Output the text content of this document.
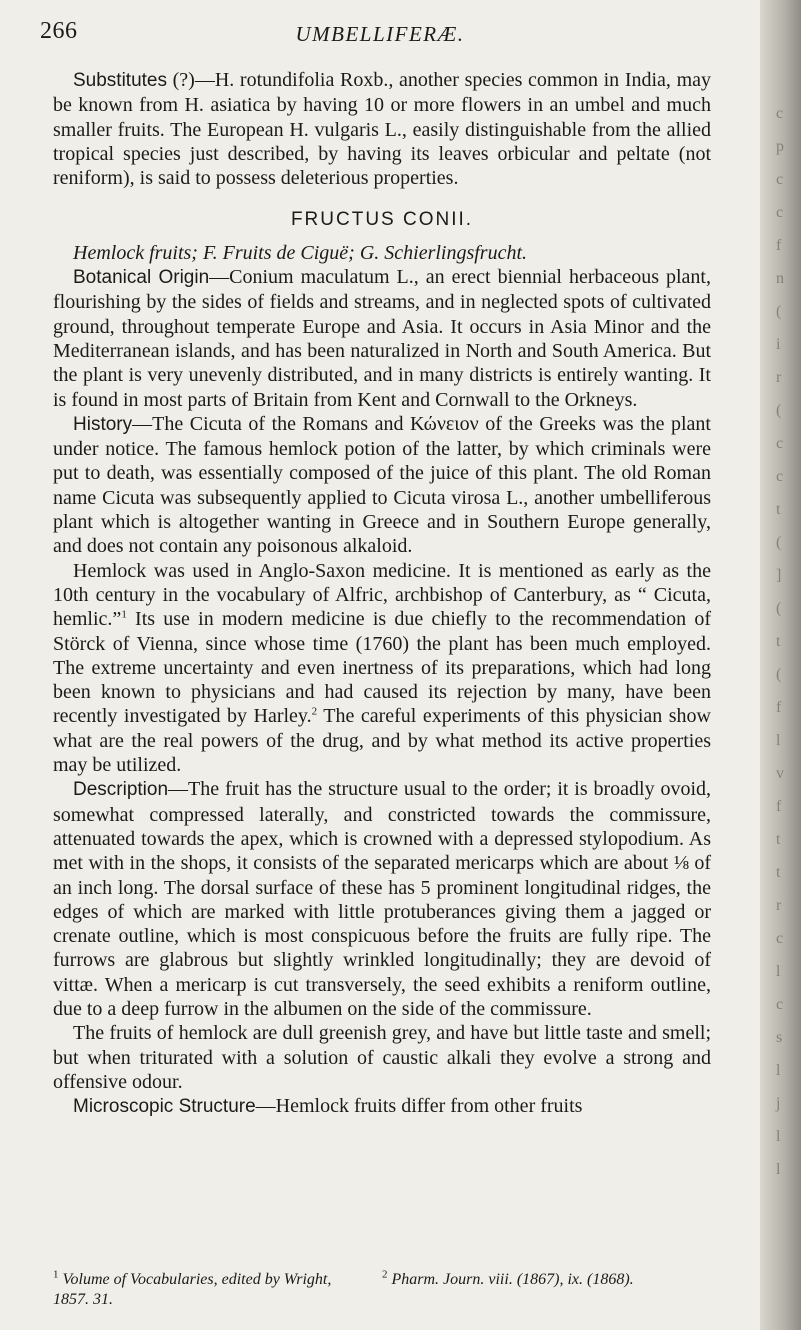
266	UMBELLIFERÆ.

Substitutes (?)—H. rotundifolia Roxb., another species common in India, may be known from H. asiatica by having 10 or more flowers in an umbel and much smaller fruits. The European H. vulgaris L., easily distinguishable from the allied tropical species just described, by having its leaves orbicular and peltate (not reniform), is said to possess deleterious properties.

FRUCTUS CONII.

Hemlock fruits; F. Fruits de Ciguë; G. Schierlingsfrucht.

Botanical Origin—Conium maculatum L., an erect biennial herbaceous plant, flourishing by the sides of fields and streams, and in neglected spots of cultivated ground, throughout temperate Europe and Asia. It occurs in Asia Minor and the Mediterranean islands, and has been naturalized in North and South America. But the plant is very unevenly distributed, and in many districts is entirely wanting. It is found in most parts of Britain from Kent and Cornwall to the Orkneys.

History—The Cicuta of the Romans and Κώνειον of the Greeks was the plant under notice. The famous hemlock potion of the latter, by which criminals were put to death, was essentially composed of the juice of this plant. The old Roman name Cicuta was subsequently applied to Cicuta virosa L., another umbelliferous plant which is altogether wanting in Greece and in Southern Europe generally, and does not contain any poisonous alkaloid.

Hemlock was used in Anglo-Saxon medicine. It is mentioned as early as the 10th century in the vocabulary of Alfric, archbishop of Canterbury, as “ Cicuta, hemlic.”$^1$ Its use in modern medicine is due chiefly to the recommendation of Störck of Vienna, since whose time (1760) the plant has been much employed. The extreme uncertainty and even inertness of its preparations, which had long been known to physicians and had caused its rejection by many, have been recently investigated by Harley.$^2$ The careful experiments of this physician show what are the real powers of the drug, and by what method its active properties may be utilized.

Description—The fruit has the structure usual to the order; it is broadly ovoid, somewhat compressed laterally, and constricted towards the commissure, attenuated towards the apex, which is crowned with a depressed stylopodium. As met with in the shops, it consists of the separated mericarps which are about ⅛ of an inch long. The dorsal surface of these has 5 prominent longitudinal ridges, the edges of which are marked with little protuberances giving them a jagged or crenate outline, which is most conspicuous before the fruits are fully ripe. The furrows are glabrous but slightly wrinkled longitudinally; they are devoid of vittæ. When a mericarp is cut transversely, the seed exhibits a reniform outline, due to a deep furrow in the albumen on the side of the commissure.

The fruits of hemlock are dull greenish grey, and have but little taste and smell; but when triturated with a solution of caustic alkali they evolve a strong and offensive odour.

Microscopic Structure—Hemlock fruits differ from other fruits

$^1$ Volume of Vocabularies, edited by Wright, 1857. 31.
$^2$ Pharm. Journ. viii. (1867), ix. (1868).
c
p
c
c
f
n
(
i
r
(
c
c
t
(
]
(
t
(
f
l
v
f
t
t
r
c
l
c
s
l
j
l
l
